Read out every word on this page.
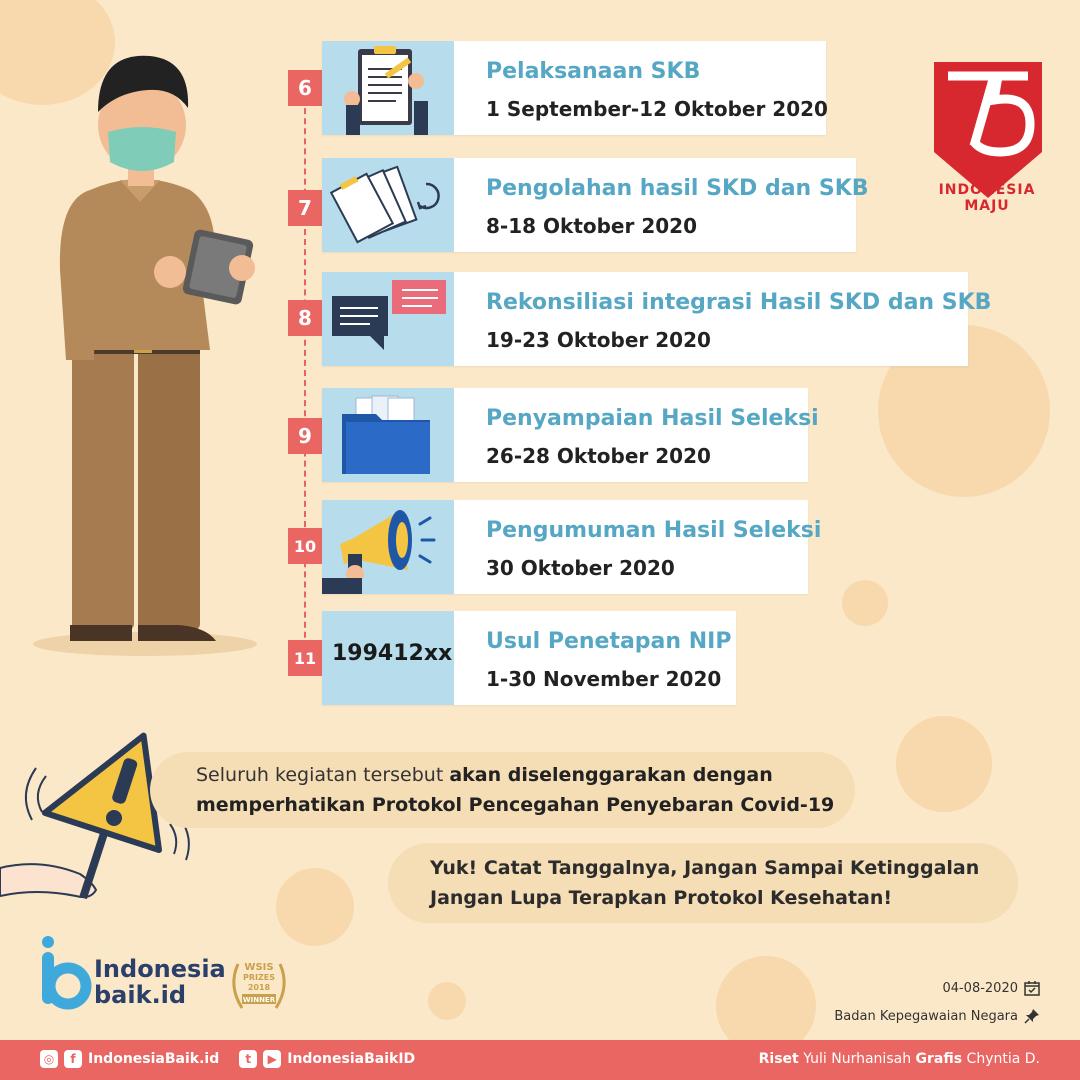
6
Pelaksanaan SKB
1 September-12 Oktober 2020
7
Pengolahan hasil SKD dan SKB
8-18 Oktober 2020
8
Rekonsiliasi integrasi Hasil SKD dan SKB
19-23 Oktober 2020
9
Penyampaian Hasil Seleksi
26-28 Oktober 2020
10
Pengumuman Hasil Seleksi
30 Oktober 2020
11 199412xx Usul Penetapan NIP
1-30 November 2020
INDONESIA
MAJU
Seluruh kegiatan tersebut akan diselenggarakan dengan
memperhatikan Protokol Pencegahan Penyebaran Covid-19
Yuk! Catat Tanggalnya, Jangan Sampai Ketinggalan
Jangan Lupa Terapkan Protokol Kesehatan!
Indonesia
baik.id
WSIS
PRIZES
2018
WINNER
04-08-2020
Badan Kepegawaian Negara
◎	f IndonesiaBaik.id	t	▶ IndonesiaBaikID	Riset Yuli Nurhanisah Grafis Chyntia D.
